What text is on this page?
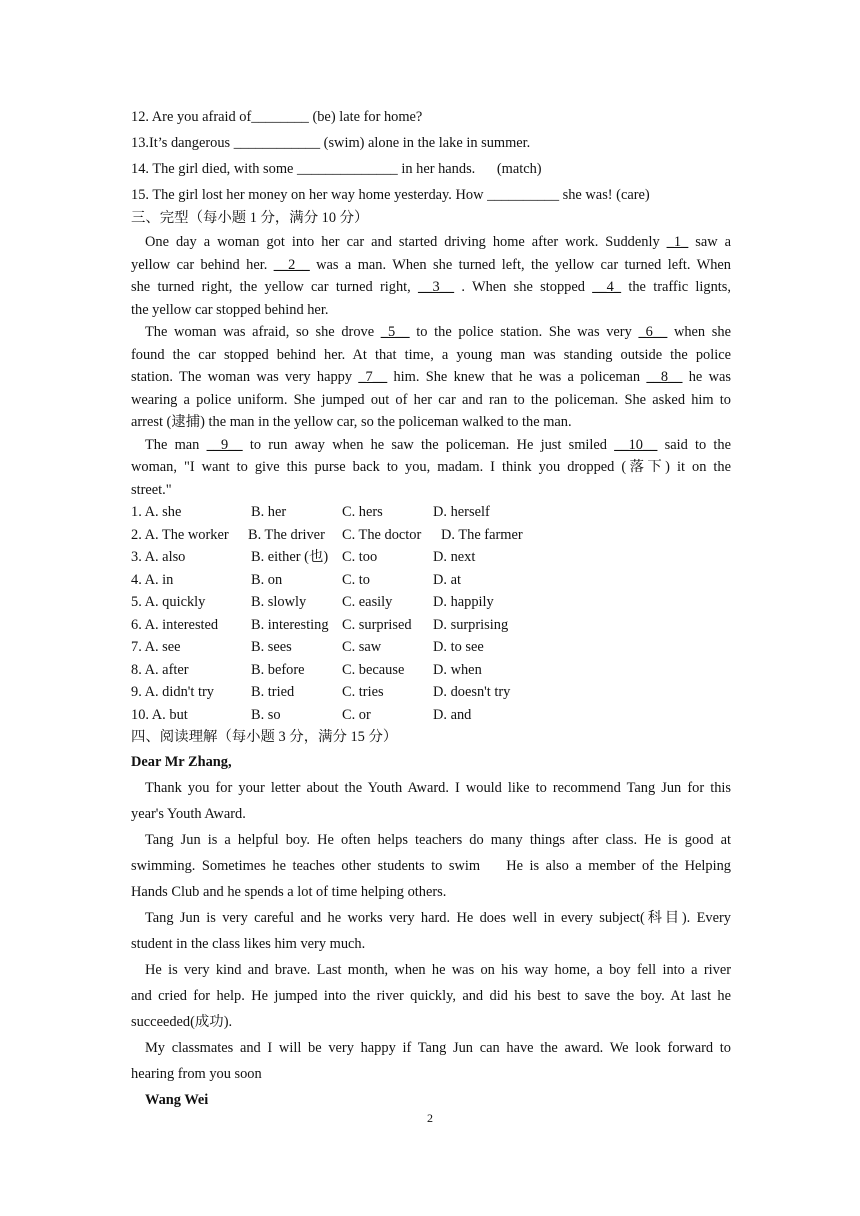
12. Are you afraid of________ (be) late for home?
13.It’s dangerous ____________ (swim) alone in the lake in summer.
14. The girl died, with some ______________ in her hands.      (match)
15. The girl lost her money on her way home yesterday. How __________ she was! (care)
三、完型（每小题 1 分，满分 10 分）
One day a woman got into her car and started driving home after work. Suddenly _1_ saw a
yellow car behind her. __2__ was a man. When she turned left, the yellow car turned left. When
she turned right, the yellow car turned right, __3__ . When she stopped __4_ the traffic lignts,
the yellow car stopped behind her.
The woman was afraid, so she drove _5__ to the police station. She was very _6__ when she
found the car stopped behind her. At that time, a young man was standing outside the police
station. The woman was very happy _7__ him. She knew that he was a policeman __8__ he was
wearing a police uniform. She jumped out of her car and ran to the policeman. She asked him to
arrest (逮捕) the man in the yellow car, so the policeman walked to the man.
The man __9__ to run away when he saw the policeman. He just smiled __10__ said to the
woman, "I want to give this purse back to you, madam. I think you dropped (落下) it on the
street."
1. A. she	B. her	C. hers	D. herself
2. A. The worker B. The driver C. The doctor D. The farmer
3. A. also	B. either (也) C. too	D. next
4. A. in	B. on	C. to	D. at
5. A. quickly	B. slowly C. easily	D. happily
6. A. interested B. interesting C. surprised D. surprising
7. A. see	B. sees	C. saw	D. to see
8. A. after	B. before	C. because D. when
9. A. didn't try	B. tried	C. tries	D. doesn't try
10. A. but	B. so	C. or	D. and
四、阅读理解（每小题 3 分，满分 15 分）
Dear Mr Zhang,
Thank you for your letter about the Youth Award. I would like to recommend Tang Jun for this
year's Youth Award.
Tang Jun is a helpful boy. He often helps teachers do many things after class. He is good at
swimming. Sometimes he teaches other students to swim    He is also a member of the Helping
Hands Club and he spends a lot of time helping others.
Tang Jun is very careful and he works very hard. He does well in every subject(科目). Every
student in the class likes him very much.
He is very kind and brave. Last month, when he was on his way home, a boy fell into a river
and cried for help. He jumped into the river quickly, and did his best to save the boy. At last he
succeeded(成功).
My classmates and I will be very happy if Tang Jun can have the award. We look forward to
hearing from you soon
Wang Wei
2
